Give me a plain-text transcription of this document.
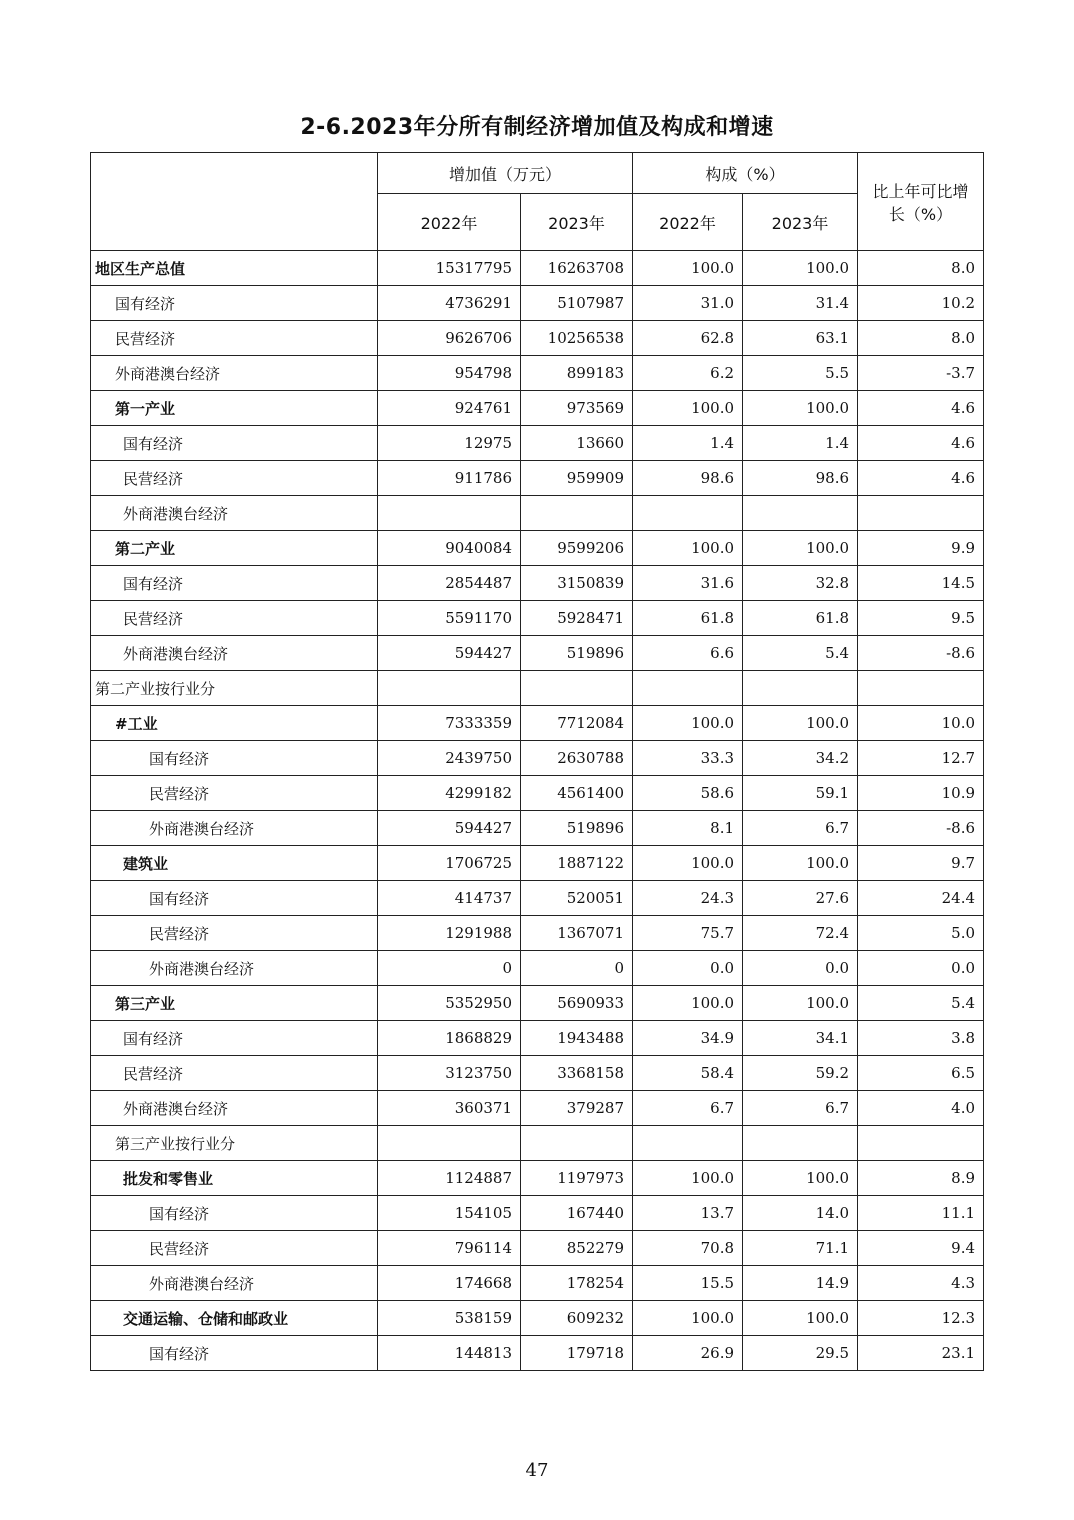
2-6.2023年分所有制经济增加值及构成和增速
	增加值（万元）		构成（%）		比上年可比增长（%）
	2022年	2023年	2022年	2023年	
地区生产总值	15317795	16263708	100.0	100.0	8.0
国有经济	4736291	5107987	31.0	31.4	10.2
民营经济	9626706	10256538	62.8	63.1	8.0
外商港澳台经济	954798	899183	6.2	5.5	-3.7
第一产业	924761	973569	100.0	100.0	4.6
国有经济	12975	13660	1.4	1.4	4.6
民营经济	911786	959909	98.6	98.6	4.6
外商港澳台经济					
第二产业	9040084	9599206	100.0	100.0	9.9
国有经济	2854487	3150839	31.6	32.8	14.5
民营经济	5591170	5928471	61.8	61.8	9.5
外商港澳台经济	594427	519896	6.6	5.4	-8.6
第二产业按行业分					
#工业	7333359	7712084	100.0	100.0	10.0
国有经济	2439750	2630788	33.3	34.2	12.7
民营经济	4299182	4561400	58.6	59.1	10.9
外商港澳台经济	594427	519896	8.1	6.7	-8.6
建筑业	1706725	1887122	100.0	100.0	9.7
国有经济	414737	520051	24.3	27.6	24.4
民营经济	1291988	1367071	75.7	72.4	5.0
外商港澳台经济	0	0	0.0	0.0	0.0
第三产业	5352950	5690933	100.0	100.0	5.4
国有经济	1868829	1943488	34.9	34.1	3.8
民营经济	3123750	3368158	58.4	59.2	6.5
外商港澳台经济	360371	379287	6.7	6.7	4.0
第三产业按行业分					
批发和零售业	1124887	1197973	100.0	100.0	8.9
国有经济	154105	167440	13.7	14.0	11.1
民营经济	796114	852279	70.8	71.1	9.4
外商港澳台经济	174668	178254	15.5	14.9	4.3
交通运输、仓储和邮政业	538159	609232	100.0	100.0	12.3
国有经济	144813	179718	26.9	29.5	23.1
47
